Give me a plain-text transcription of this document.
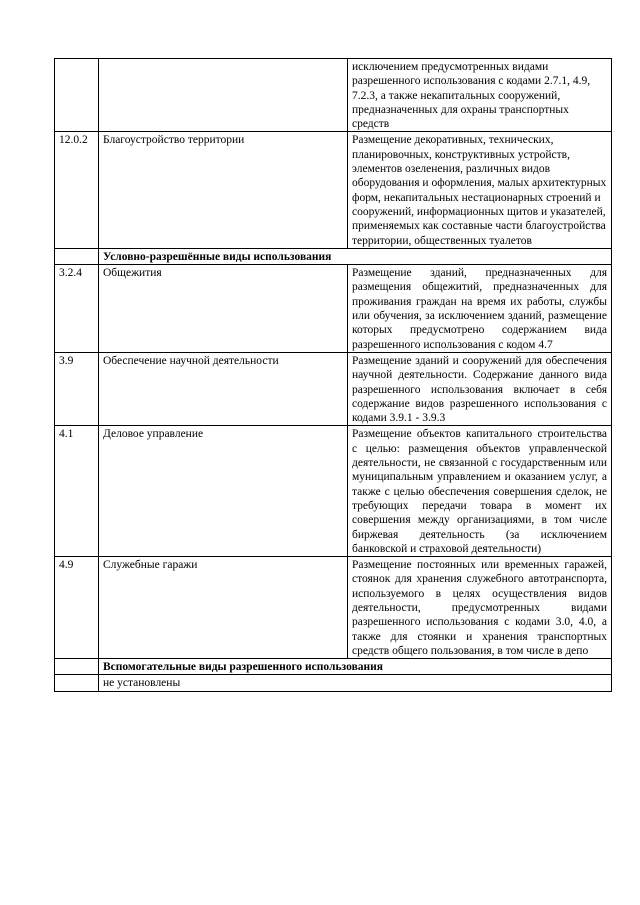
		исключением предусмотренных видами разрешенного использования с кодами 2.7.1, 4.9, 7.2.3, а также некапитальных сооружений, предназначенных для охраны транспортных средств
12.0.2	Благоустройство территории	Размещение декоративных, технических, планировочных, конструктивных устройств, элементов озеленения, различных видов оборудования и оформления, малых архитектурных форм, некапитальных нестационарных строений и сооружений, информационных щитов и указателей, применяемых как составные части благоустройства территории, общественных туалетов
	Условно-разрешённые виды использования	
3.2.4	Общежития	Размещение зданий, предназначенных для размещения общежитий, предназначенных для проживания граждан на время их работы, службы или обучения, за исключением зданий, размещение которых предусмотрено содержанием вида разрешенного использования с кодом 4.7
3.9	Обеспечение научной деятельности	Размещение зданий и сооружений для обеспечения научной деятельности. Содержание данного вида разрешенного использования включает в себя содержание видов разрешенного использования с кодами 3.9.1 - 3.9.3
4.1	Деловое управление	Размещение объектов капитального строительства с целью: размещения объектов управленческой деятельности, не связанной с государственным или муниципальным управлением и оказанием услуг, а также с целью обеспечения совершения сделок, не требующих передачи товара в момент их совершения между организациями, в том числе биржевая деятельность (за исключением банковской и страховой деятельности)
4.9	Служебные гаражи	Размещение постоянных или временных гаражей, стоянок для хранения служебного автотранспорта, используемого в целях осуществления видов деятельности, предусмотренных видами разрешенного использования с кодами 3.0, 4.0, а также для стоянки и хранения транспортных средств общего пользования, в том числе в депо
	Вспомогательные виды разрешенного использования	
	не установлены	
